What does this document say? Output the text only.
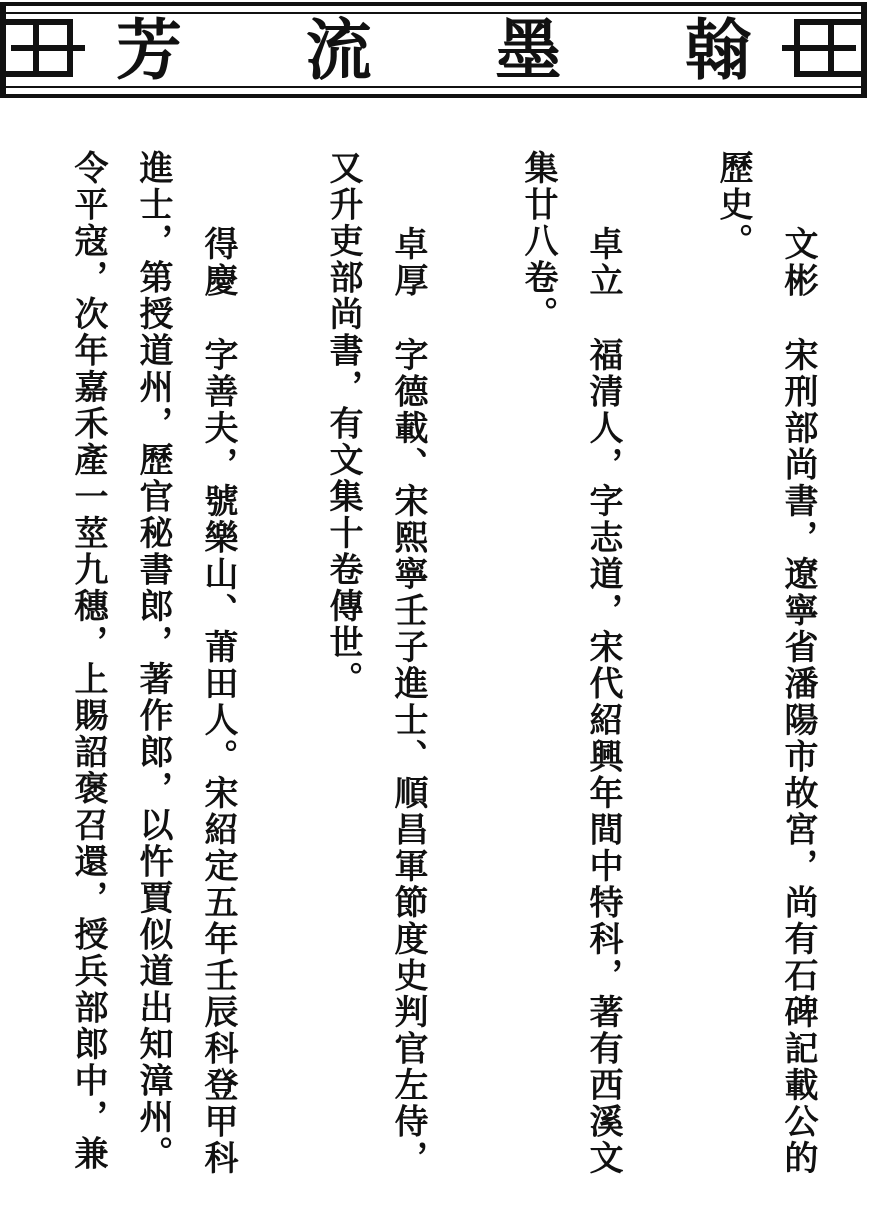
翰
墨
流
芳
文彬宋刑部尚書，遼寧省潘陽市故宮，尚有石碑記載公的
歷史。
卓立福清人，字志道，宋代紹興年間中特科，著有西溪文
集廿八卷。
卓厚字德載、宋熙寧壬子進士、順昌軍節度史判官左侍，
又升吏部尚書，有文集十卷傳世。
得慶字善夫，號樂山、莆田人。宋紹定五年壬辰科登甲科
進士，第授道州，歷官秘書郎，著作郎，以忤賈似道出知漳州。
令平寇，次年嘉禾產一莖九穗，上賜詔褒召還，授兵部郎中，兼
